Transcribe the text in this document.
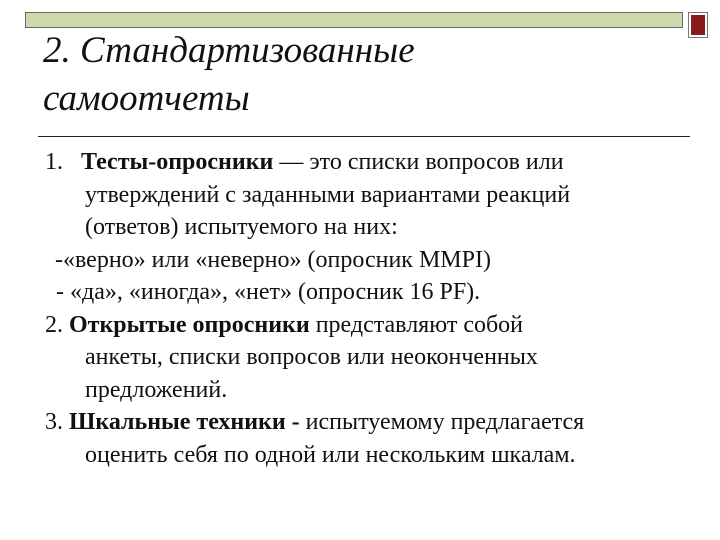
2. Стандартизованные
самоотчеты
1.   Тесты-опросники — это списки вопросов или
утверждений с заданными вариантами реакций
(ответов) испытуемого на них:
-«верно» или «неверно» (опросник MMPI)
- «да», «иногда», «нет» (опросник 16 PF).
2. Открытые опросники представляют собой
анкеты, списки вопросов или неоконченных
предложений.
3. Шкальные техники - испытуемому предлагается
оценить себя по одной или нескольким шкалам.
